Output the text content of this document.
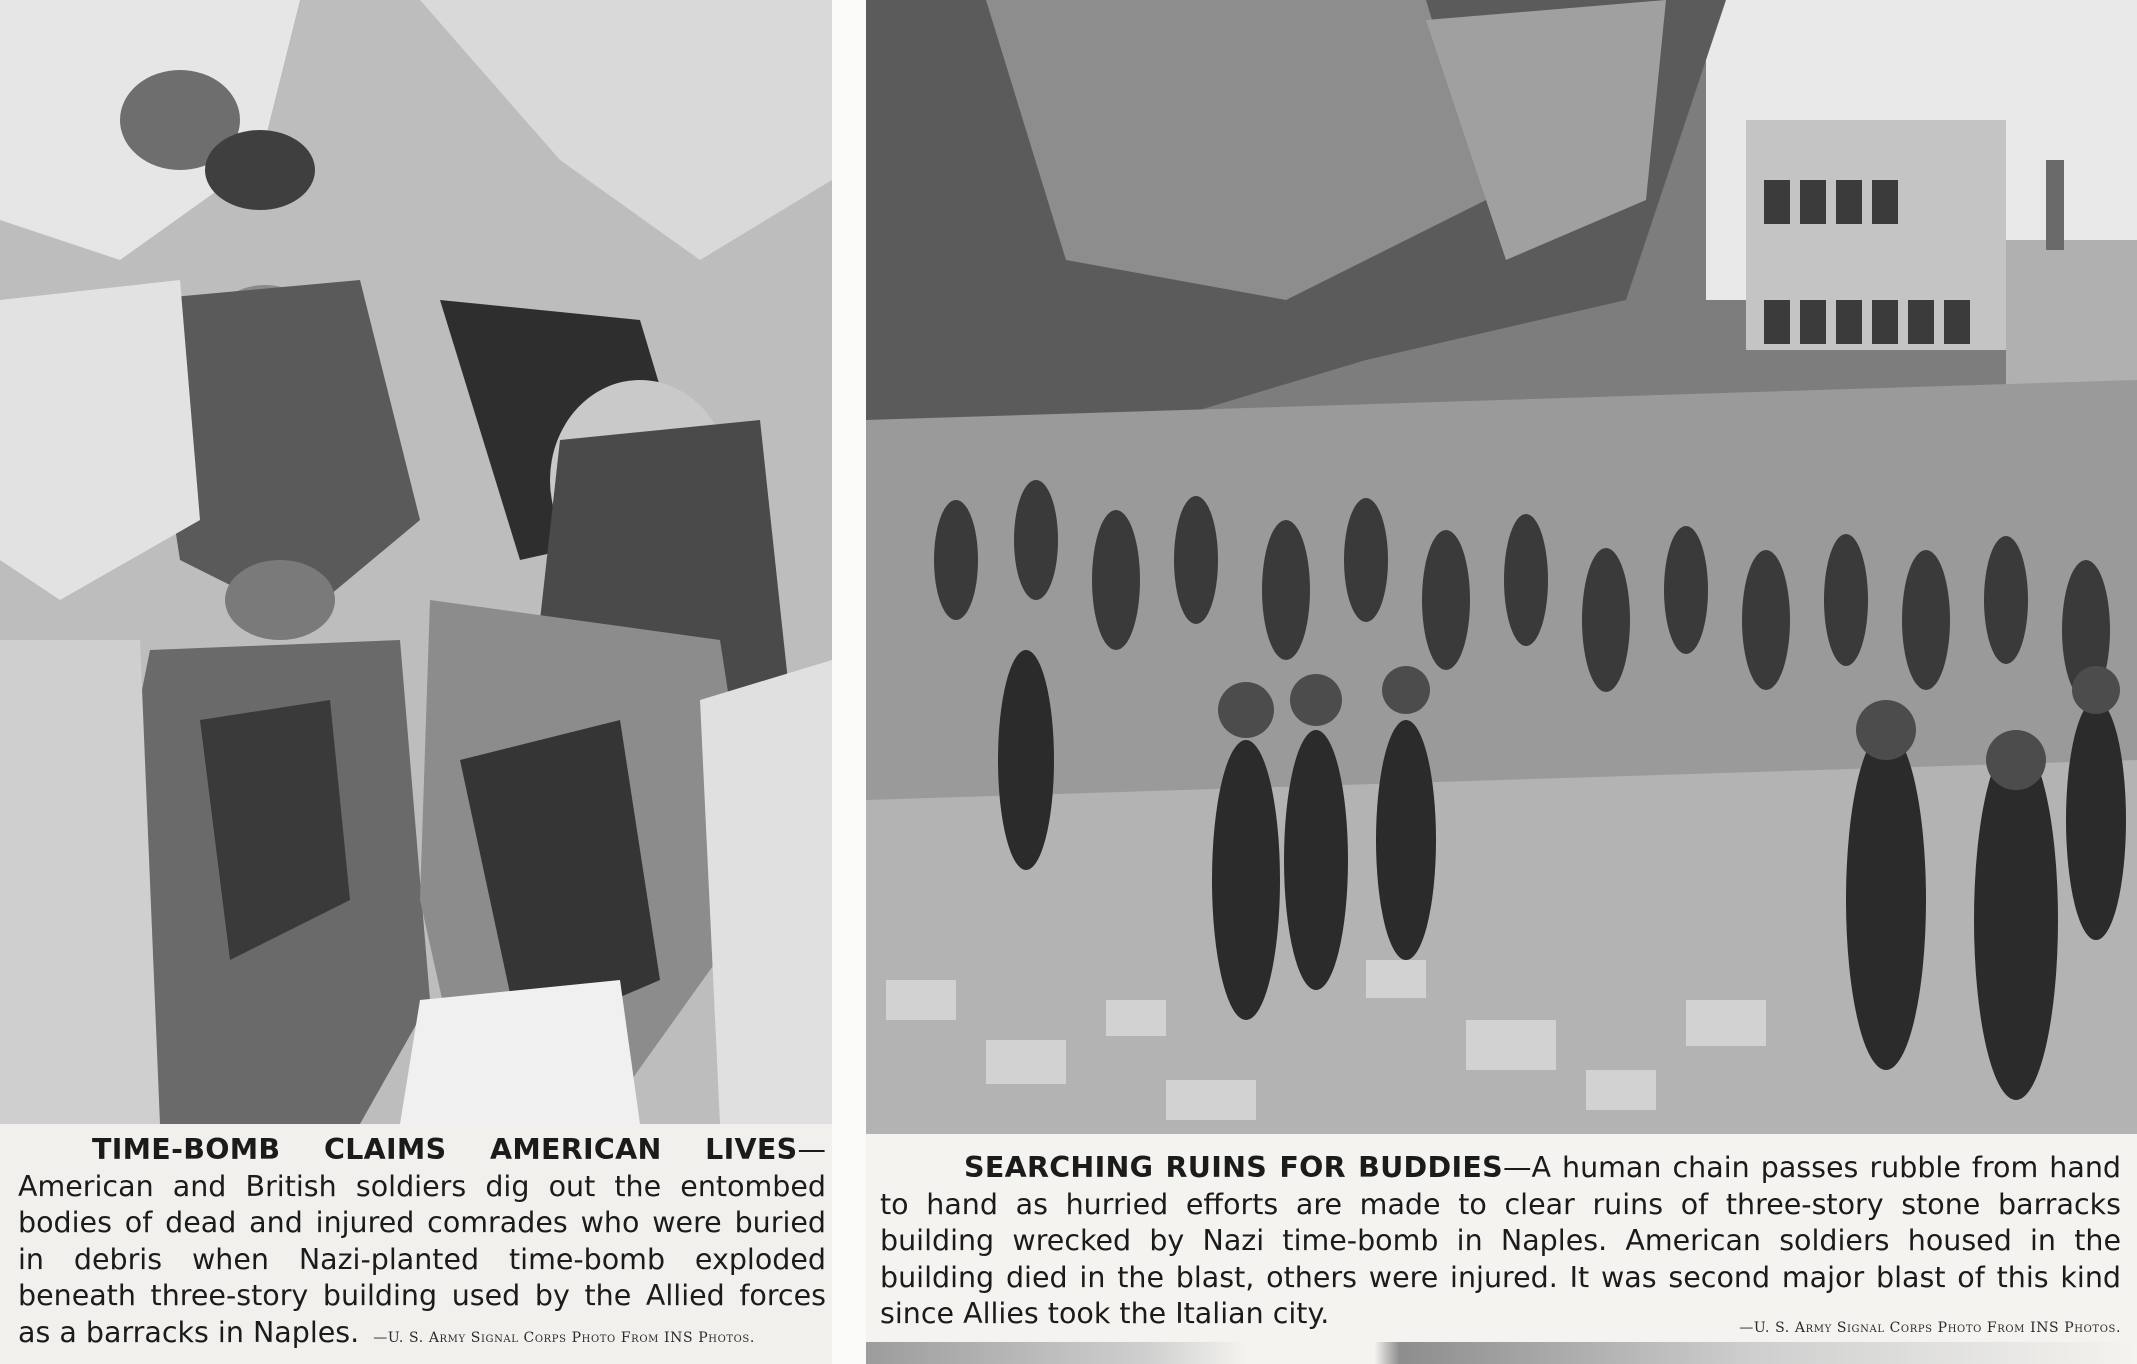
TIME-BOMB CLAIMS AMERICAN LIVES—American and British soldiers dig out the entombed bodies of dead and injured comrades who were buried in debris when Nazi-planted time-bomb exploded beneath three-story building used by the Allied forces as a barracks in Naples. —U. S. Army Signal Corps Photo From INS Photos.
SEARCHING RUINS FOR BUDDIES—A human chain passes rubble from hand to hand as hurried efforts are made to clear ruins of three-story stone barracks building wrecked by Nazi time-bomb in Naples. American soldiers housed in the building died in the blast, others were injured. It was second major blast of this kind since Allies took the Italian city.	—U. S. Army Signal Corps Photo From INS Photos.
